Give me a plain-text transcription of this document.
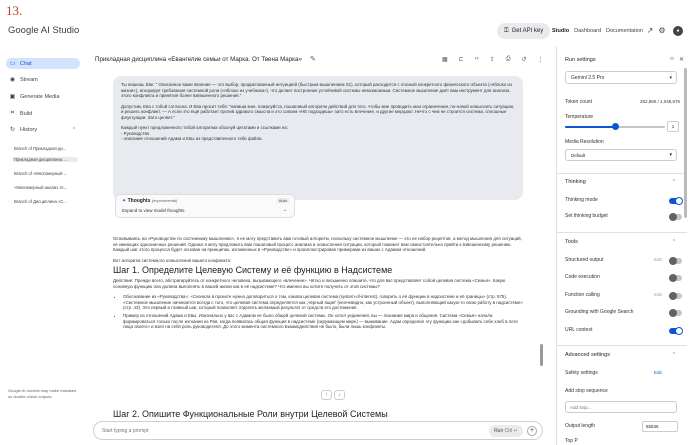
13.
Google AI Studio	⚿ Get API key Studio Dashboard Documentation ↗ ⚙	●
▭ Chat
◉ Stream
▣ Generate Media
⌗	Build
↻ History	⌃
Branch of Прикладная ди...
Прикладная дисциплина ...
Branch of «Многомерный ...
«Многомерный анализ те...
Branch of Дисциплина «С...
Google AI models may make mistakes, so double-check outputs.
Прикладная дисциплина «Евангелие семьи от Марка. От Твена Марка» ✎	▦ ⊏ ‹› ⇪ ⎙ ↺ ⋮

Ты пишешь Еве: " Описанное вами явление — это выбор, продиктованный интуицией (быстрым мышлением S1), который расходится с логикой конкретного физического объекта («яблоко из жизни»), игнорируя требования системной роли («яблоко из учебника»), что делает построение устойчивой системы невозможным. Системное мышление даёт вам инструмент для анализа этого конфликта и принятия более взвешенного решения."

Допустим, Ева с тобой согласна. И Ева просит тебя: "напиши мне, пожалуйста, пошаговый алгоритм действий для того, чтобы мне проводить мои ограничения, по-новой осмыслить ситуацию, и решить конфликт. — А если это ещё работает против здравого смысла и это совсем «НЕ подходишь» зато есть влечение, и другие мерцают. Нечто с чем не строится система, сплошные флуктуации. Зато целяет."

Каждый пункт предложенного тобой алгоритма обоснуй цитатами и ссылками на:
- Руководство
- описание отношений Адама и Евы из представленного тебе файла.

✦ Thoughts (experimental)	Auto
Expand to view model thoughts	⌄
Основываясь на «Руководстве по системному мышлению», я не могу представить вам готовый алгоритм, поскольку системное мышление — это не набор рецептов, а метод мышления для ситуаций, не имеющих однозначных решений. Однако я могу предложить вам пошаговый процесс анализа и осмысления ситуации, который поможет вам самостоятельно прийти к взвешенному решению. Каждый шаг этого процесса будет основан на принципах, изложенных в «Руководстве» и проиллюстрирован примерами из ваших с Адамом отношений.
Вот алгоритм системного осмысления вашего конфликта:
Шаг 1. Определите Целевую Систему и её функцию в Надсистеме
Действие: Прежде всего, абстрагируйтесь от конкретного человека, вызывающего «влечение». Чётко и письменно опишите, что для вас представляет собой целевая система «Семья». Какую основную функцию она должна выполнять в вашей жизни как в её надсистеме? Что именно вы хотите получить от этой системы?
• Обоснование из «Руководства»: «Сначала в проекте нужно договориться о том, какова целевая система (system-of-interest), говорить о её функции в надсистеме и её границы» (стр. 575). «Системное мышление начинается всегда с того, что целевая система определяется как „чёрный ящик“ (неочевидно, как устроенный объект), выполняющий какую-то свою работу в надсистеме» (стр. 43). Это первый и главный шаг, который позволяет отделить желаемый результат от средств его достижения.
• Пример из отношений Адама и Евы: Изначально у вас с Адамом не было общей целевой системы. Он хотел уединения, вы — познания мира и общения. Система «Семья» начала формироваться только после изгнания из Рая, когда появилась общая функция в надсистеме (окружающем мире) — выживание. Адам определил эту функцию как «добывать себе хлеб в поте лица своего» и взял на себя роль руководителя. До этого момента системного взаимодействия не было, были лишь конфликты.
Шаг 2. Опишите Функциональные Роли внутри Целевой Системы
↑	↓
Start typing a prompt
Run Ctrl ↵	+
Run settings	‹› ✕
Gemini 2.5 Pro	▾
Token count	262,850 / 1,048,576
Temperature
1
Media Resolution
Default	▾
Thinking	⌃
Thinking mode
Set thinking budget
Tools	⌃
Structured output	Edit
Code execution
Function calling	Edit
Grounding with Google Search
URL context
Advanced settings	⌃
Safety settings	Edit
Add stop sequence
Add stop...
Output length	65536
Top P
